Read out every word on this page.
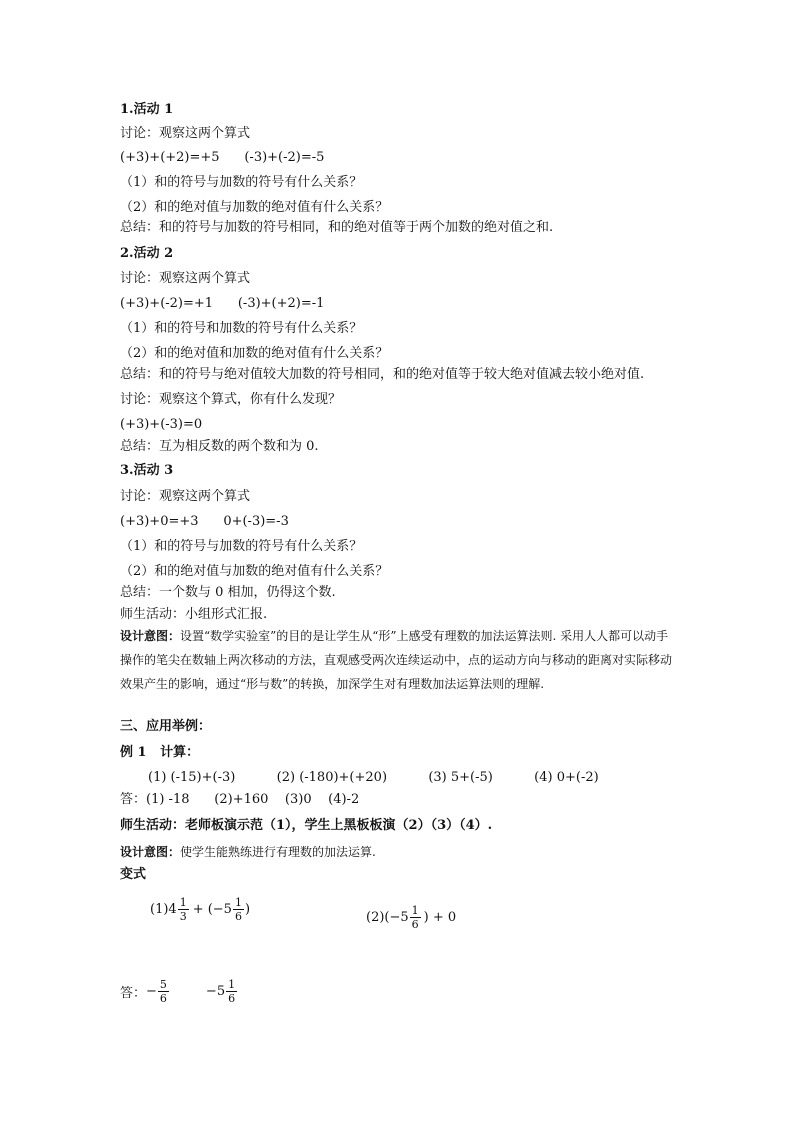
1.活动 1
讨论：观察这两个算式
(+3)+(+2)=+5      (-3)+(-2)=-5
（1）和的符号与加数的符号有什么关系？
（2）和的绝对值与加数的绝对值有什么关系？
总结：和的符号与加数的符号相同，和的绝对值等于两个加数的绝对值之和.
2.活动 2
讨论：观察这两个算式
(+3)+(-2)=+1      (-3)+(+2)=-1
（1）和的符号和加数的符号有什么关系？
（2）和的绝对值和加数的绝对值有什么关系？
总结：和的符号与绝对值较大加数的符号相同，和的绝对值等于较大绝对值减去较小绝对值.
讨论：观察这个算式，你有什么发现？
(+3)+(-3)=0
总结：互为相反数的两个数和为 0.
3.活动 3
讨论：观察这两个算式
(+3)+0=+3      0+(-3)=-3
（1）和的符号与加数的符号有什么关系？
（2）和的绝对值与加数的绝对值有什么关系？
总结：一个数与 0 相加，仍得这个数.
师生活动：小组形式汇报.
设计意图：设置“数学实验室”的目的是让学生从“形”上感受有理数的加法运算法则. 采用人人都可以动手操作的笔尖在数轴上两次移动的方法，直观感受两次连续运动中，点的运动方向与移动的距离对实际移动效果产生的影响，通过“形与数”的转换，加深学生对有理数加法运算法则的理解.
三、应用举例：
例 1 计算：
(1) (-15)+(-3)          (2) (-180)+(+20)          (3) 5+(-5)          (4) 0+(-2)
答：(1) -18      (2)+160    (3)0    (4)-2
师生活动：老师板演示范（1），学生上黑板板演（2）（3）（4）.
设计意图：使学生能熟练进行有理数的加法运算.
变式
$(1)4 \frac{1}{3} + (-5 \frac{1}{6}$ )
$(2)(-5 \frac{1}{6}$ ) + 0
答： − $\frac{5}{6}$	$-5 \frac{1}{6}$
